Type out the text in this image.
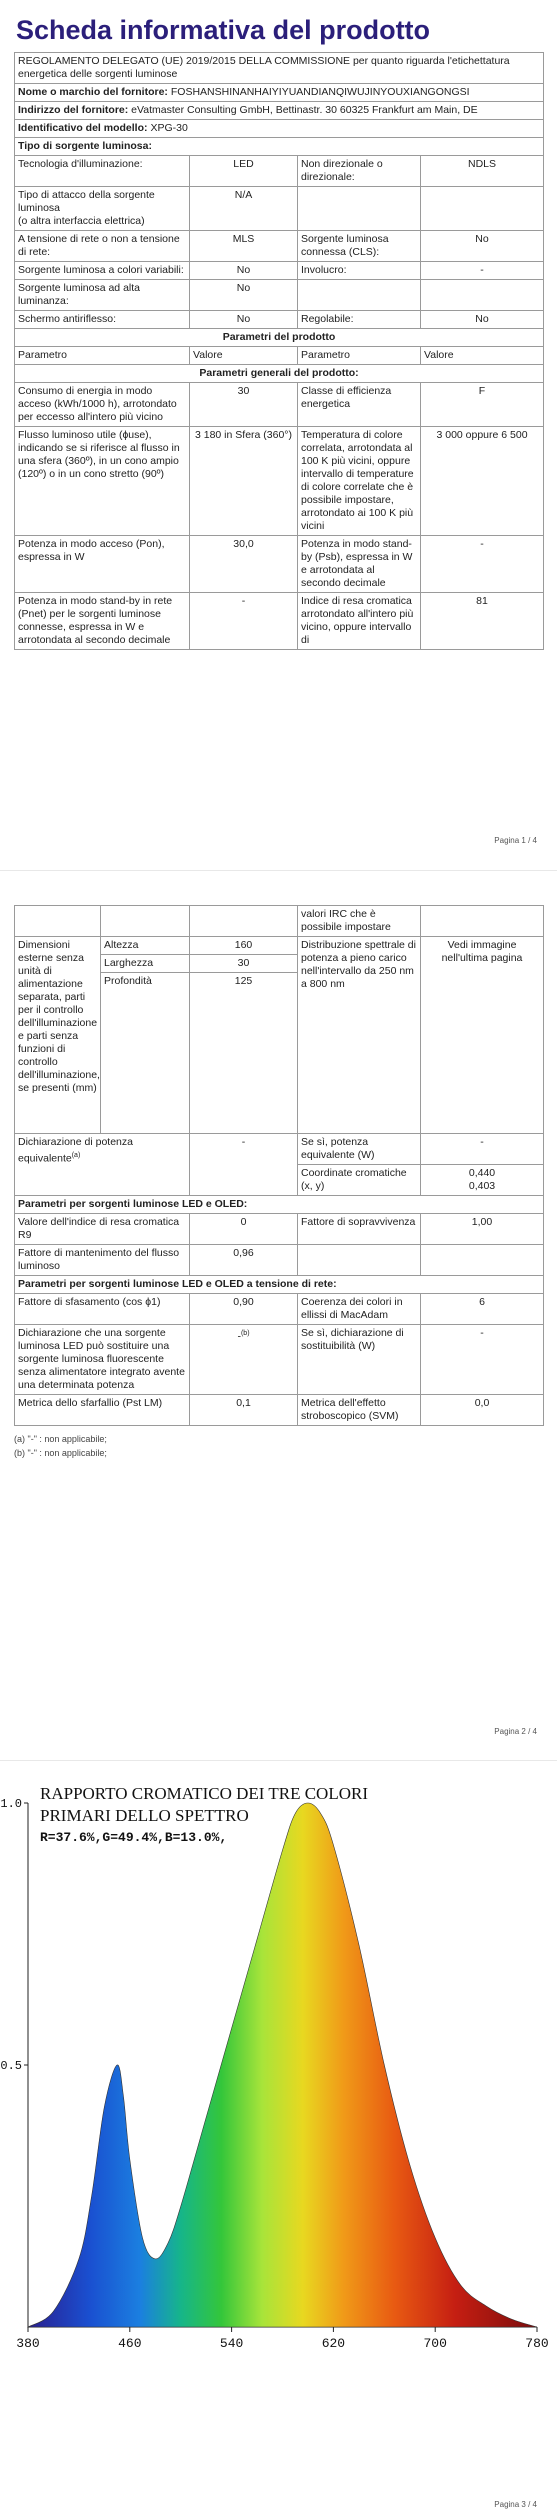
Scheda informativa del prodotto
REGOLAMENTO DELEGATO (UE) 2019/2015 DELLA COMMISSIONE per quanto riguarda l'etichettatura energetica delle sorgenti luminose			
Nome o marchio del fornitore: FOSHANSHINANHAIYIYUANDIANQIWUJINYOUXIANGONGSI			
Indirizzo del fornitore: eVatmaster Consulting GmbH, Bettinastr. 30 60325 Frankfurt am Main, DE			
Identificativo del modello: XPG-30			
Tipo di sorgente luminosa:			
Tecnologia d'illuminazione:	LED	Non direzionale o direzionale:	NDLS
Tipo di attacco della sorgente luminosa
(o altra interfaccia elettrica)	N/A		
A tensione di rete o non a tensione di rete:	MLS	Sorgente luminosa connessa (CLS):	No
Sorgente luminosa a colori variabili:	No	Involucro:	-
Sorgente luminosa ad alta luminanza:	No		
Schermo antiriflesso:	No	Regolabile:	No
Parametri del prodotto			
Parametro	Valore	Parametro	Valore
Parametri generali del prodotto:			
Consumo di energia in modo acceso (kWh/1000 h), arrotondato per eccesso all'intero più vicino	30	Classe di efficienza energetica	F
Flusso luminoso utile (ɸuse), indicando se si riferisce al flusso in una sfera (360º), in un cono ampio (120º) o in un cono stretto (90º)	3 180 in Sfera (360°)	Temperatura di colore correlata, arrotondata al 100 K più vicini, oppure intervallo di temperature di colore correlate che è possibile impostare, arrotondato ai 100 K più vicini	3 000 oppure 6 500
Potenza in modo acceso (Pon), espressa in W	30,0	Potenza in modo stand-by (Psb), espressa in W e arrotondata al secondo decimale	-
Potenza in modo stand-by in rete (Pnet) per le sorgenti luminose connesse, espressa in W e arrotondata al secondo decimale	-	Indice di resa cromatica arrotondato all'intero più vicino, oppure intervallo di	81
Pagina 1 / 4
			valori IRC che è possibile impostare	
Dimensioni esterne senza unità di alimentazione separata, parti per il controllo dell'illuminazione e parti senza funzioni di controllo dell'illuminazione, se presenti (mm)	Altezza	160	Distribuzione spettrale di potenza a pieno carico nell'intervallo da 250 nm a 800 nm	Vedi immagine nell'ultima pagina
	Larghezza	30		
	Profondità	125		
Dichiarazione di potenza equivalente$^{(a)}$		-	Se sì, potenza equivalente (W)	-
			Coordinate cromatiche (x, y)	0,440
0,403
Parametri per sorgenti luminose LED e OLED:				
Valore dell'indice di resa cromatica R9		0	Fattore di sopravvivenza	1,00
Fattore di mantenimento del flusso luminoso		0,96		
Parametri per sorgenti luminose LED e OLED a tensione di rete:				
Fattore di sfasamento (cos ϕ1)		0,90	Coerenza dei colori in ellissi di MacAdam	6
Dichiarazione che una sorgente luminosa LED può sostituire una sorgente luminosa fluorescente senza alimentatore integrato avente una determinata potenza		-$^{(b)}$	Se sì, dichiarazione di sostituibilità (W)	-
Metrica dello sfarfallio (Pst LM)		0,1	Metrica dell'effetto stroboscopico (SVM)	0,0
(a) "-" : non applicabile;
(b) "-" : non applicabile;
Pagina 2 / 4
RAPPORTO CROMATICO DEI TRE COLORI
PRIMARI DELLO SPETTRO
R=37.6%,G=49.4%,B=13.0%,
380	460	540	620	700	780
0.5
1.0
Pagina 3 / 4
